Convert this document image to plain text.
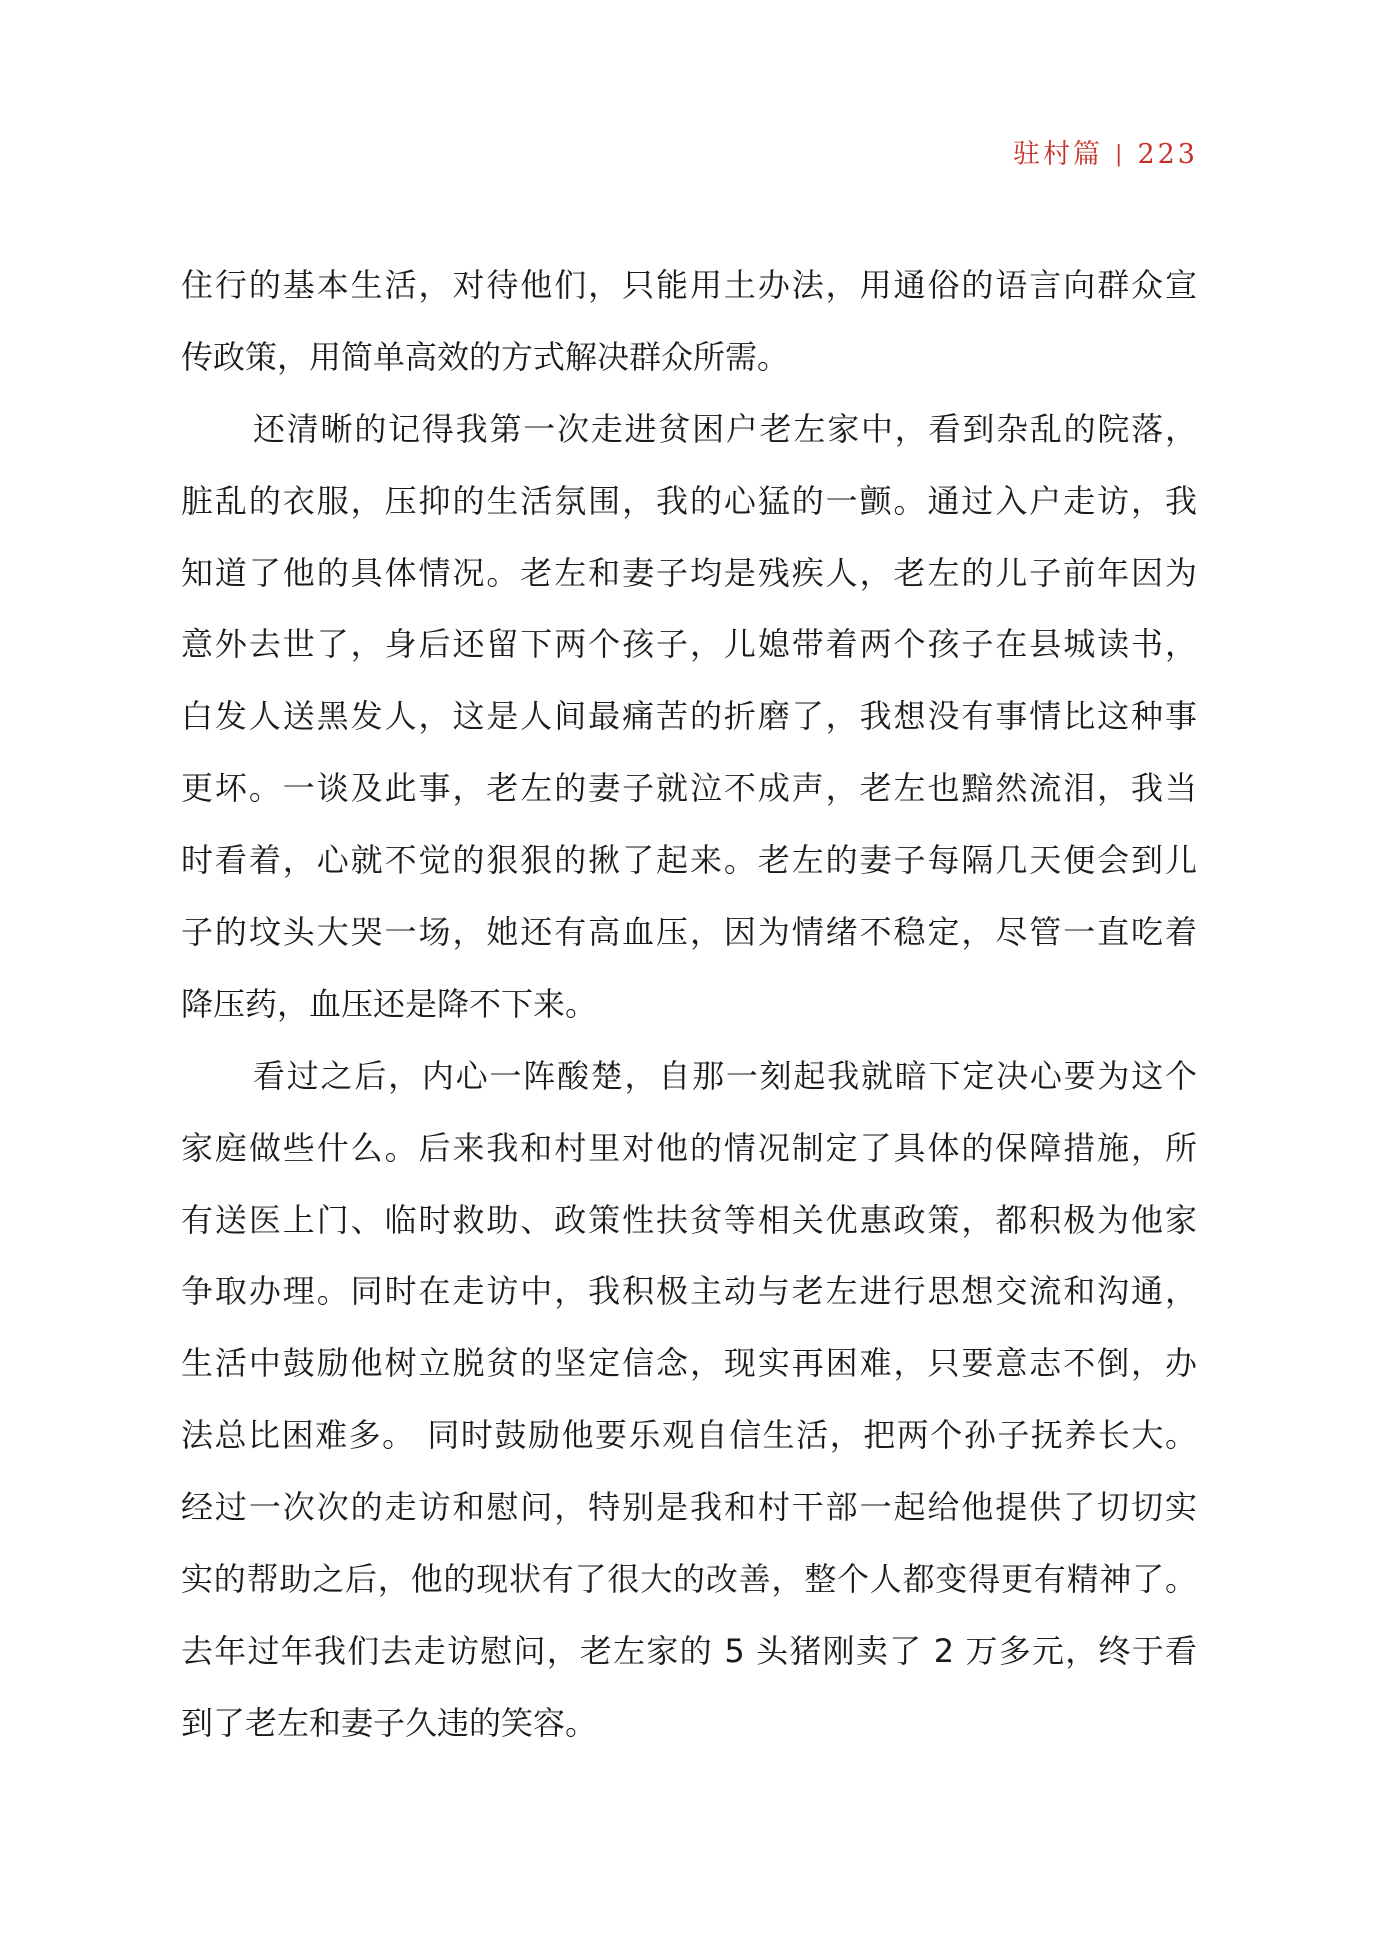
驻村篇 | 223
住行的基本生活，对待他们，只能用土办法，用通俗的语言向群众宣
传政策，用简单高效的方式解决群众所需。
还清晰的记得我第一次走进贫困户老左家中，看到杂乱的院落，
脏乱的衣服，压抑的生活氛围，我的心猛的一颤。通过入户走访，我
知道了他的具体情况。老左和妻子均是残疾人，老左的儿子前年因为
意外去世了，身后还留下两个孩子，儿媳带着两个孩子在县城读书，
白发人送黑发人，这是人间最痛苦的折磨了，我想没有事情比这种事
更坏。一谈及此事，老左的妻子就泣不成声，老左也黯然流泪，我当
时看着，心就不觉的狠狠的揪了起来。老左的妻子每隔几天便会到儿
子的坟头大哭一场，她还有高血压，因为情绪不稳定，尽管一直吃着
降压药，血压还是降不下来。
看过之后，内心一阵酸楚，自那一刻起我就暗下定决心要为这个
家庭做些什么。后来我和村里对他的情况制定了具体的保障措施，所
有送医上门、临时救助、政策性扶贫等相关优惠政策，都积极为他家
争取办理。同时在走访中，我积极主动与老左进行思想交流和沟通，
生活中鼓励他树立脱贫的坚定信念，现实再困难，只要意志不倒，办
法总比困难多。 同时鼓励他要乐观自信生活，把两个孙子抚养长大。
经过一次次的走访和慰问，特别是我和村干部一起给他提供了切切实
实的帮助之后，他的现状有了很大的改善，整个人都变得更有精神了。
去年过年我们去走访慰问，老左家的 5 头猪刚卖了 2 万多元，终于看
到了老左和妻子久违的笑容。
